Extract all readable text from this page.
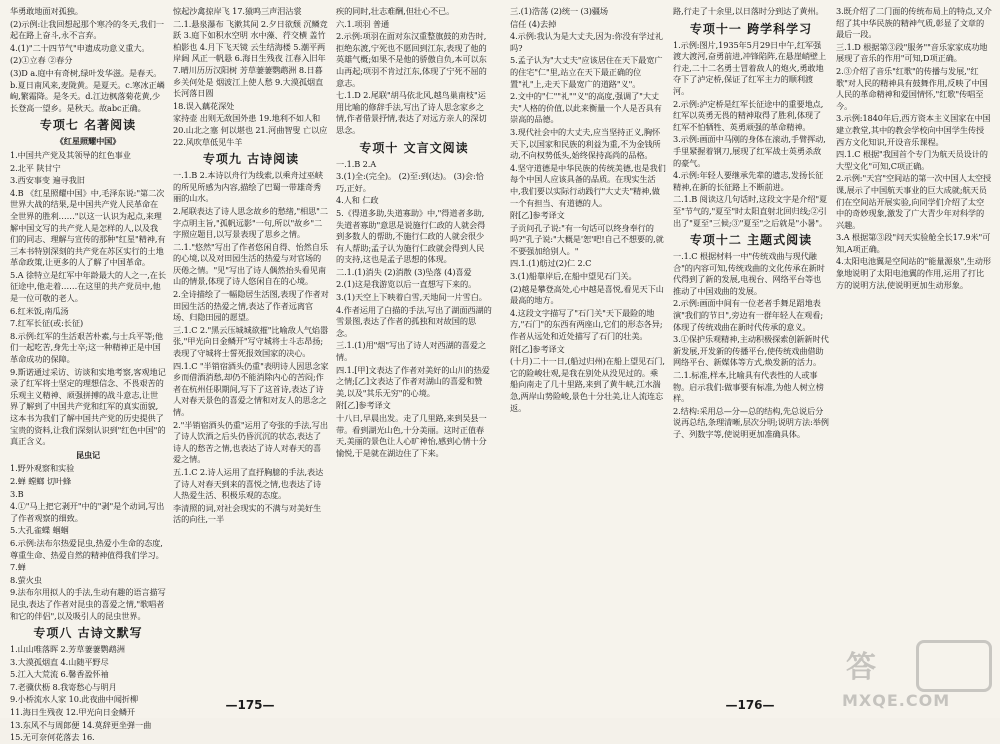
华勇敢地面对孤独。

(2)示例:让我回想起那个寒冷的冬天,我们一起在路上奋斗,永不言弃。

4.(1)"二十四节气"申遗成功意义重大。

(2)①立春 ②春分

(3)D a.庭中有奇树,绿叶发华滋。是春天。b.夏日南风来,麦陇黄。是夏天。c.寒冰正嶙峋,繁霜降。是冬天。d.江边枫落菊花黄,少长登高一望乡。是秋天。故abc正确。

专项七 名著阅读
《红星照耀中国》

1.中国共产党及其领导的红色事业

2.北平 陕甘宁

3.西安事变 遍寻我旧

4.B 《红星照耀中国》中,毛泽东说:"第二次世界大战的结果,是中国共产党人民革命在全世界的胜利……"以这一认识为起点,来理解中国文写的共产党人是怎样的人,以及我们的同志、理解与宣传的那种"红星"精神,有三本书特别深刻的共产党在苏区实行的土地革命政策,让更多的人了解了中国革命。

5.A 徐特立是红军中年龄最大的人之一,在长征途中,他走着……在这里的共产党员中,他是一位可敬的老人。

6.红米饭,南瓜汤

7.红军长征(或:长征)

8.示例:红军的生活艰苦朴素,与士兵平等;他们一起吃苦,身先士卒;这一种精神正是中国革命成功的保障。

9.斯诺通过采访、访谈和实地考察,客观地记录了红军将士坚定的理想信念、不畏艰苦的乐观主义精神、顽强拼搏的战斗意志,让世界了解到了中国共产党和红军的真实面貌,这本书为我们了解中国共产党的历史提供了宝贵的资料,让我们深刻认识到"红色中国"的真正含义。

昆虫记

1.野外观察和实验

2.蝉 螳螂 切叶蜂

3.B

4.①"马上把它剥开"中的"剥"是个动词,写出了作者观察的细致。

5.大孔雀蝶 蝈蝈

6.示例:法布尔热爱昆虫,热爱小生命的态度,尊重生命、热爱自然的精神值得我们学习。

7.蝉

8.萤火虫

9.法布尔用拟人的手法,生动有趣的语言描写昆虫,表达了作者对昆虫的喜爱之情,"歌唱者和它的伴侣",以及吸引人的昆虫世界。

专项八 古诗文默写

1.山山唯落晖 2.芳草萋萋鹦鹉洲

3.大漠孤烟直 4.山随平野尽

5.江入大荒流 6.馨香盈怀袖

7.老骥伏枥 8.我寄愁心与明月

9.小桥流水人家 10.此夜曲中闻折柳

11.海日生残夜 12.甲光向日金鳞开

13.东风不与周郎便 14.莫辞更坐弹一曲

15.无可奈何花落去 16.

惊起沙禽掠岸飞 17.猿鸣三声泪沾裳

二.1.悬泉瀑布 飞漱其间 2.夕日欲颓 沉鳞竞跃 3.庭下如积水空明 水中藻、荇交横 盖竹柏影也 4.月下飞天镜 云生结海楼 5.潮平两岸阔 风正一帆悬 6.海日生残夜 江春入旧年 7.晴川历历汉阳树 芳草萋萋鹦鹉洲 8.日暮乡关何处是 烟波江上使人愁 9.大漠孤烟直 长河落日圆

18.误入藕花深处

家持壶 出则无敌国外患 19.地利不如人和 20.山北之塞 何以堪也 21.河曲智叟 亡以应 22.风吹草低见牛羊

专项九 古诗阅读

一.1.B 2.本诗以舟行为线索,以乘舟过巫峡的所见所感为内容,描绘了巴蜀一带雄奇秀丽的山水。

2.尾联表达了诗人思念故乡的愁绪,"相思"二字点明主旨,"孤帆远影"一句,所以"故乡"二字照应题目,以写景表现了思乡之情。

二.1."悠然"写出了作者悠闲自得、怡然自乐的心境,以及对田园生活的热爱与对官场的厌倦之情。"见"写出了诗人偶然抬头看见南山的情景,体现了诗人悠闲自在的心境。

2.全诗描绘了一幅隐居生活图,表现了作者对田园生活的热爱之情,表达了作者远离官场、归隐田园的愿望。

三.1.C 2."黑云压城城欲摧"比喻敌人气焰嚣张,"甲光向日金鳞开"写守城将士斗志昂扬;表现了守城将士誓死报效国家的决心。

四.1.C "半销宿酒头仍重"表明诗人因思念家乡而借酒消愁,却仍不能消除内心的苦闷;作者在杭州任职期间,写下了这首诗,表达了诗人对春天景色的喜爱之情和对友人的思念之情。

2."半销宿酒头仍重"运用了夸张的手法,写出了诗人饮酒之后头仍昏沉沉的状态,表达了诗人的愁苦之情,也表达了诗人对春天的喜爱之情。

五.1.C 2.诗人运用了直抒胸臆的手法,表达了诗人对春天到来的喜悦之情,也表达了诗人热爱生活、积极乐观的态度。

李清照的词,对社会现实的不满与对美好生活的向往,一半

疾的同时,壮志难酬,但壮心不已。

六.1.项羽 普通

2.示例:项羽在面对东汉重整旗鼓的劝告时,拒绝东渡,宁死也不愿回到江东,表现了他的英雄气概;如果不是他的骄傲自负,本可以东山再起;项羽不肯过江东,体现了宁死不屈的意志。

七.1.D 2.尾联"胡马依北风,越鸟巢南枝"运用比喻的修辞手法,写出了诗人思念家乡之情,作者借景抒情,表达了对远方亲人的深切思念。

专项十 文言文阅读

一.1.B 2.A

3.(1)全:(完全)。 (2)至:到(达)。 (3)会:恰巧,正好。

4.人和 仁政

5.《得道多助,失道寡助》中,"得道者多助,失道者寡助"意思是说施行仁政的人就会得到多数人的帮助,不施行仁政的人就会很少有人帮助;孟子认为施行仁政就会得到人民的支持,这也是孟子思想的体现。

二.1.(1)消失 (2)消散 (3)坠落 (4)喜爱

2.(1)这是我游览以后一直想写下来的。

3.(1)天空上下映着白雪,天地间一片雪白。

4.作者运用了白描的手法,写出了湖面西湖的雪景图,表达了作者的孤独和对故国的思念。

三.1.(1)用"烟"写出了诗人对西湖的喜爱之情。

四.1.[甲]文表达了作者对美好的山川的热爱之情;[乙]文表达了作者对湖山的喜爱和赞美,以及"其乐无穷"的心境。

附[乙]参考译文

十八日,早晨出发。走了几里路,来到吴县一带。看到湖光山色,十分美丽。这时正值春天,美丽的景色让人心旷神怡,感到心情十分愉悦,于是就在湖边住了下来。

—175—

三.(1)浩荡 (2)统一 (3)疆场

信任 (4)去掉

4.示例:我认为是大丈夫,因为:你没有学过礼吗?

5.孟子认为"大丈夫"应该居住在天下最宽广的住宅"仁"里,站立在天下最正确的位置"礼"上,走天下最宽广的道路"义"。

2.文中的"仁""礼""义"的高度,强调了"大丈夫"人格的价值,以此来衡量一个人是否具有崇高的品德。

3.现代社会中的大丈夫,应当坚持正义,胸怀天下,以国家和民族的利益为重,不为金钱所动,不向权势低头,始终保持高尚的品格。

4.坚守道德是中华民族的传统美德,也是我们每个中国人应该具备的品质。在现实生活中,我们要以实际行动践行"大丈夫"精神,做一个有担当、有道德的人。

附[乙]参考译文

子贡问孔子说:"有一句话可以终身奉行的吗?"孔子说:"大概是'恕'吧!自己不想要的,就不要强加给别人。"

四.1.(1)舫过(2)仁 2.C

3.(1)船靠岸后,在船中望见石门关。

(2)越是攀登高处,心中越是喜悦,看见天下山最高的地方。

4.这段文字描写了"石门关"天下最险的地方,"石门"的东西有两座山,它们的形态各异;作者从远处和近处描写了石门的壮美。

附[乙]参考译文

(十月)二十一日,(船过归州)在船上望见石门,它的险峻壮观,是我在别处从没见过的。乘船向南走了几十里路,来到了黄牛峡,江水湍急,两岸山势险峻,景色十分壮美,让人流连忘返。

路,行走了十余里,以日落时分到达了黄州。

专项十一 跨学科学习

1.示例:图片,1935年5月29日中午,红军强渡大渡河,奋勇前进,冲锋陷阵,在悬崖峭壁上行走,二十二名勇士冒着敌人的炮火,勇敢地夺下了泸定桥,保证了红军主力的顺利渡河。

2.示例:泸定桥是红军长征途中的重要地点,红军以英勇无畏的精神取得了胜利,体现了红军不怕牺牲、英勇顽强的革命精神。

3.示例:画面中马刚的身体在滚动,手臂挥动,手里紧握着钢刀,展现了红军战士英勇杀敌的豪气。

4.示例:年轻人要继承先辈的遗志,发扬长征精神,在新的长征路上不断前进。

二.1.B 阅读这几句话时,这段文字是介绍"夏至"节气的,"夏至"时太阳直射北回归线;②引出了"夏至"三候;③"夏至"之后就是"小暑"。

专项十二 主题式阅读

一.1.C 根据材料一中"传统戏曲与现代融合"的内容可知,传统戏曲的文化传承在新时代得到了新的发展,电视台、网络平台等也推动了中国戏曲的发展。

2.示例:画面中间有一位老者手舞足蹈地表演"我们的节日",旁边有一群年轻人在观看;体现了传统戏曲在新时代传承的意义。

3.①保护乐观精神,主动积极探索创新新时代新发展,开发新的传播平台,使传统戏曲借助网络平台、新媒体等方式,焕发新的活力。

二.1.标准,样本,比喻具有代表性的人或事物。启示我们:做事要有标准,为他人树立榜样。

2.结构:采用总—分—总的结构,先总说后分说再总结,条理清晰,层次分明;说明方法:举例子、列数字等,使说明更加准确具体。

3.既介绍了二门面的传统布局上的特点,又介绍了其中华民族的精神气质,彰显了文章的最后一段。

三.1.D 根据第③段"服务""音乐家家成功地展现了音乐的作用"可知,D项正确。

2.③介绍了音乐"红歌"的传播与发展,"红歌"对人民的精神具有鼓舞作用,反映了中国人民的革命精神和爱国情怀,"红歌"传唱至今。

3.示例:1840年后,西方资本主义国家在中国建立教堂,其中的教会学校向中国学生传授西方文化知识,开设音乐课程。

四.1.C 根据"我国首个专门为航天员设计的大型文化"可知,C项正确。

2.示例:"天宫"空间站的第一次中国人太空授课,展示了中国航天事业的巨大成就;航天员们在空间站开展实验,向同学们介绍了太空中的奇妙现象,激发了广大青少年对科学的兴趣。

3.A 根据第③段"问天实验舱全长17.9米"可知,A项正确。

4.太阳电池翼是空间站的"能量源泉",生动形象地说明了太阳电池翼的作用,运用了打比方的说明方法,使说明更加生动形象。

—176—
答
MXQE.COM
